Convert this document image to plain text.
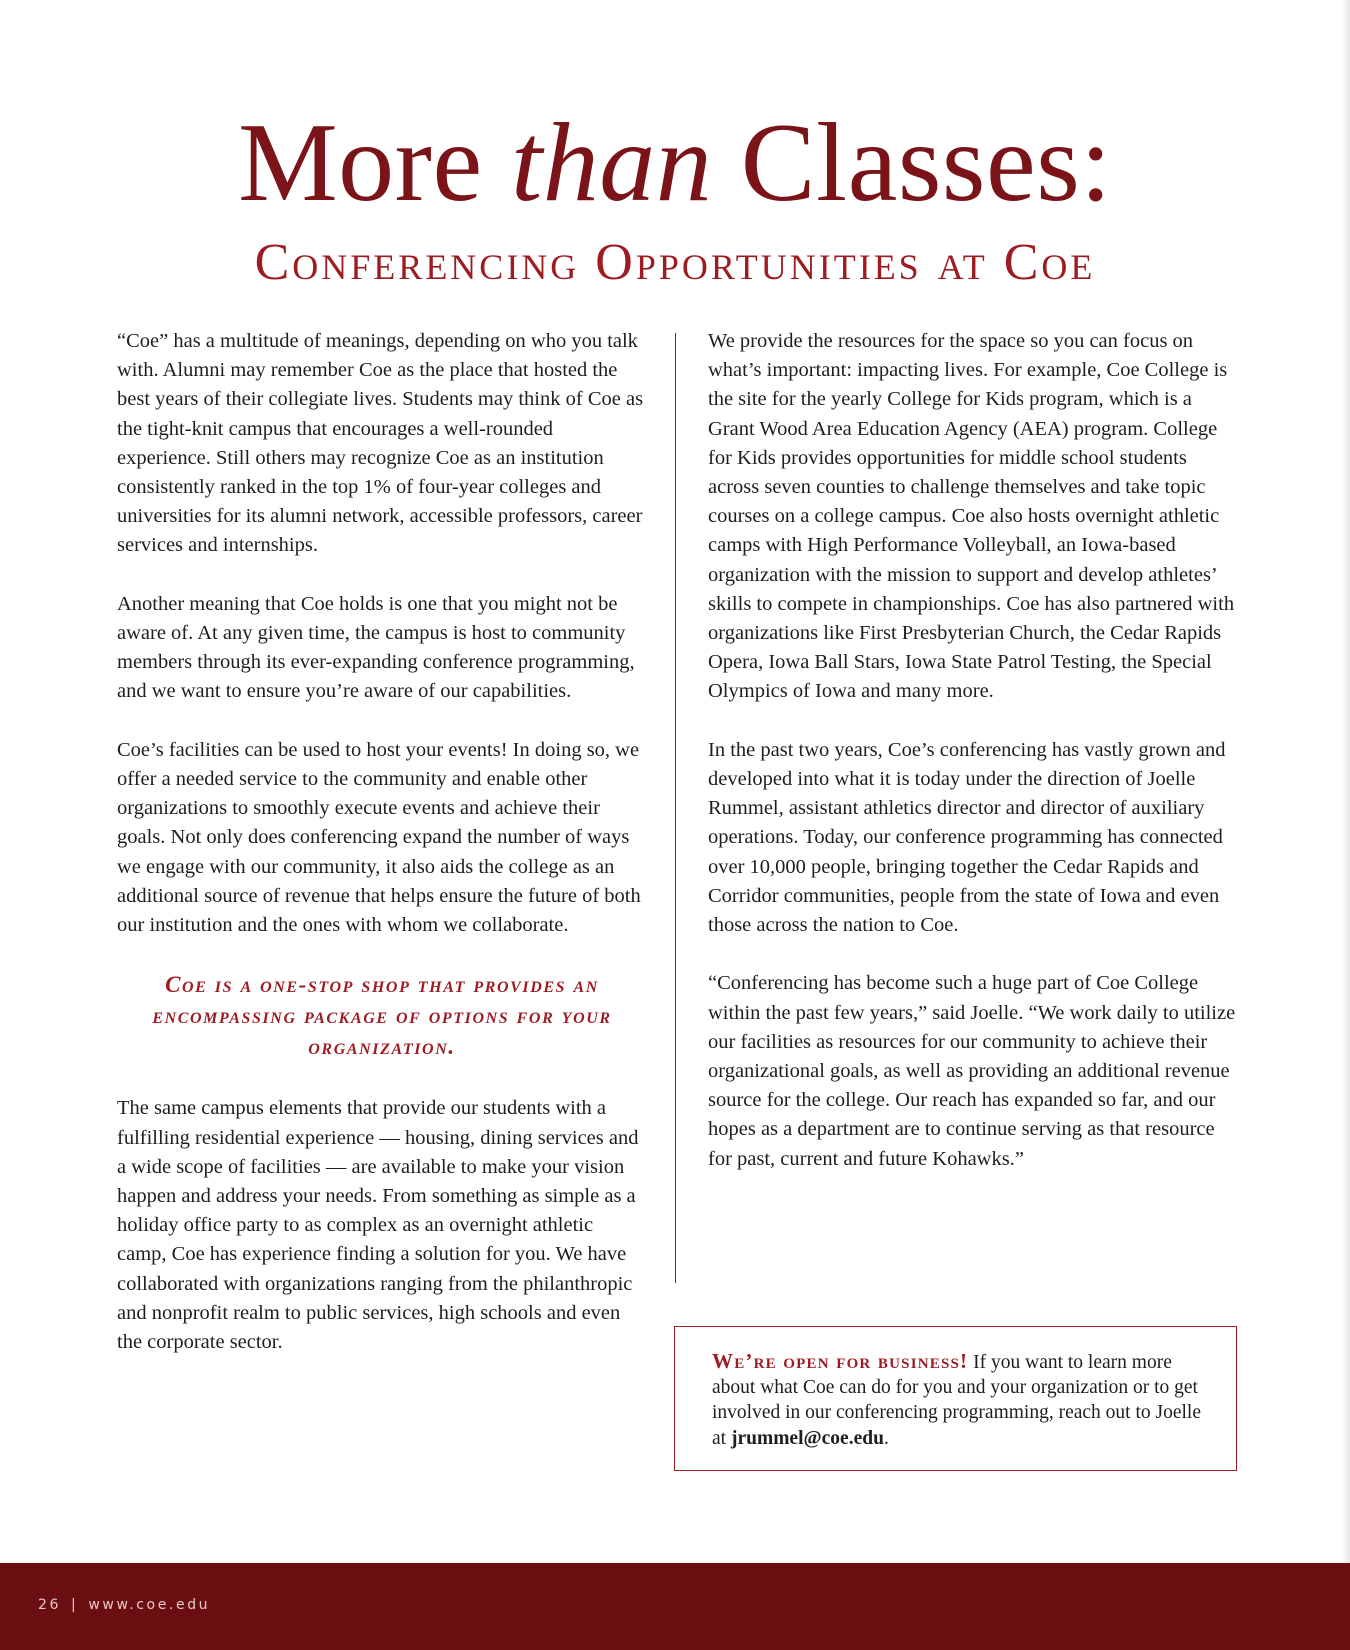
More than Classes:
Conferencing Opportunities at Coe

“Coe” has a multitude of meanings, depending on who you talk with. Alumni may remember Coe as the place that hosted the best years of their collegiate lives. Students may think of Coe as the tight-knit campus that encourages a well-rounded experience. Still others may recognize Coe as an institution consistently ranked in the top 1% of four-year colleges and universities for its alumni network, accessible professors, career services and internships.

Another meaning that Coe holds is one that you might not be aware of. At any given time, the campus is host to community members through its ever-expanding conference programming, and we want to ensure you’re aware of our capabilities.

Coe’s facilities can be used to host your events! In doing so, we offer a needed service to the community and enable other organizations to smoothly execute events and achieve their goals. Not only does conferencing expand the number of ways we engage with our community, it also aids the college as an additional source of revenue that helps ensure the future of both our institution and the ones with whom we collaborate.

Coe is a one-stop shop that provides an encompassing package of options for your organization.

The same campus elements that provide our students with a fulfilling residential experience — housing, dining services and a wide scope of facilities — are available to make your vision happen and address your needs. From something as simple as a holiday office party to as complex as an overnight athletic camp, Coe has experience finding a solution for you. We have collaborated with organizations ranging from the philanthropic and nonprofit realm to public services, high schools and even the corporate sector.

We provide the resources for the space so you can focus on what’s important: impacting lives. For example, Coe College is the site for the yearly College for Kids program, which is a Grant Wood Area Education Agency (AEA) program. College for Kids provides opportunities for middle school students across seven counties to challenge themselves and take topic courses on a college campus. Coe also hosts overnight athletic camps with High Performance Volleyball, an Iowa-based organization with the mission to support and develop athletes’ skills to compete in championships. Coe has also partnered with organizations like First Presbyterian Church, the Cedar Rapids Opera, Iowa Ball Stars, Iowa State Patrol Testing, the Special Olympics of Iowa and many more.

In the past two years, Coe’s conferencing has vastly grown and developed into what it is today under the direction of Joelle Rummel, assistant athletics director and director of auxiliary operations. Today, our conference programming has connected over 10,000 people, bringing together the Cedar Rapids and Corridor communities, people from the state of Iowa and even those across the nation to Coe.

“Conferencing has become such a huge part of Coe College within the past few years,” said Joelle. “We work daily to utilize our facilities as resources for our community to achieve their organizational goals, as well as providing an additional revenue source for the college. Our reach has expanded so far, and our hopes as a department are to continue serving as that resource for past, current and future Kohawks.”

We’re open for business! If you want to learn more about what Coe can do for you and your organization or to get involved in our conferencing programming, reach out to Joelle at jrummel@coe.edu.
26 | www.coe.edu
